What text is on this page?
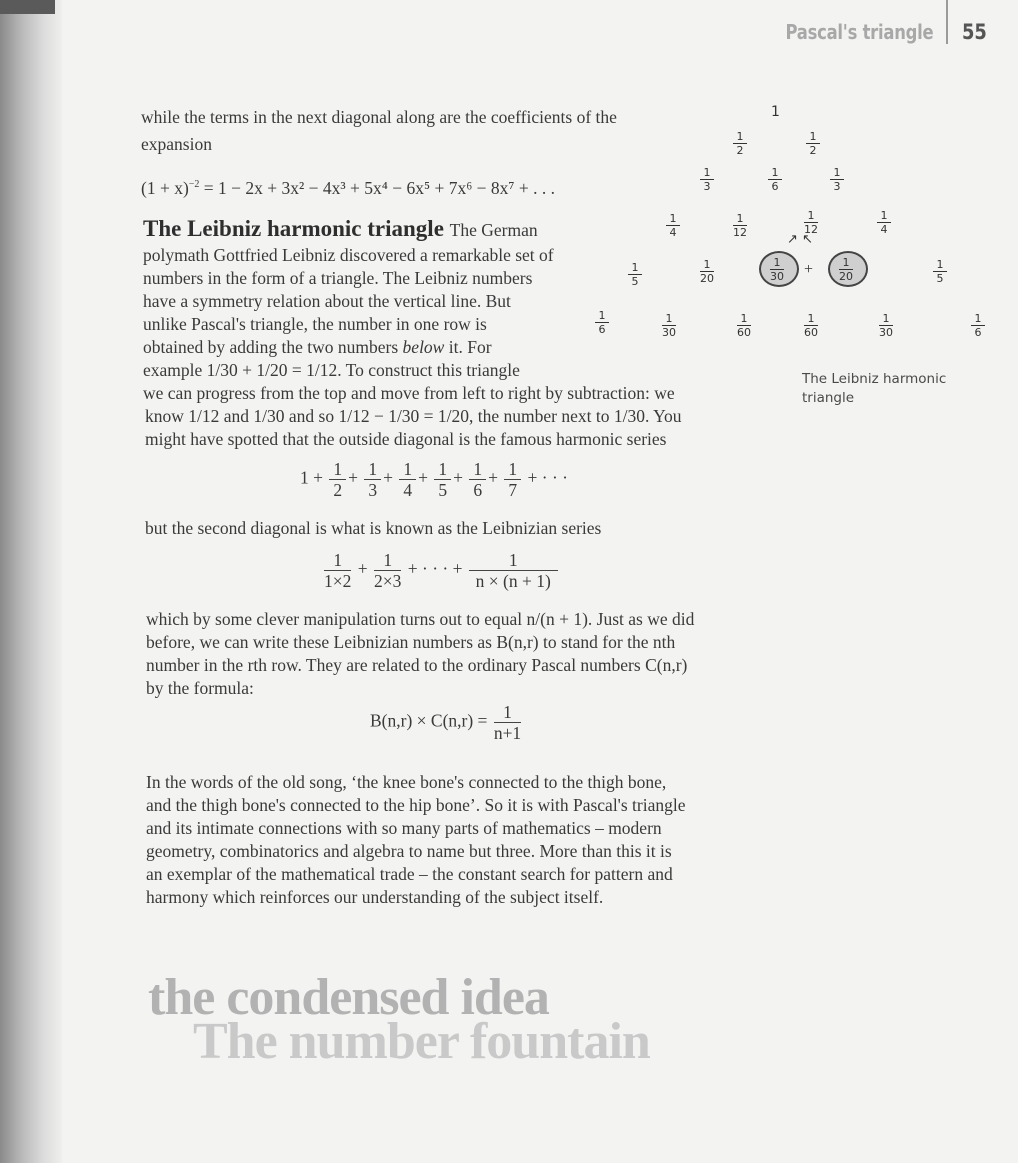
Pascal's triangle 55
while the terms in the next diagonal along are the coefficients of the
expansion
$(1 + x)^{-2} = 1 - 2x + 3x^2 - 4x^3 + 5x^4 - 6x^5 + 7x^6 - 8x^7$ + . . .
The Leibniz harmonic triangle The German
polymath Gottfried Leibniz discovered a remarkable set of
numbers in the form of a triangle. The Leibniz numbers
have a symmetry relation about the vertical line. But
unlike Pascal's triangle, the number in one row is
obtained by adding the two numbers below it. For
example 1/30 + 1/20 = 1/12. To construct this triangle
we can progress from the top and move from left to right by subtraction: we
know 1/12 and 1/30 and so 1/12 − 1/30 = 1/20, the number next to 1/30. You
might have spotted that the outside diagonal is the famous harmonic series
$1 + \frac{1}{2} + \frac{1}{3} + \frac{1}{4} + \frac{1}{5} + \frac{1}{6} + \frac{1}{7}$ + · · ·
but the second diagonal is what is known as the Leibnizian series
$\frac{1}{1\times 2} + \frac{1}{2\times 3}$ + · · · + $\frac{1}{n \times (n + 1)}$
which by some clever manipulation turns out to equal n/(n + 1). Just as we did
before, we can write these Leibnizian numbers as B(n,r) to stand for the nth
number in the rth row. They are related to the ordinary Pascal numbers C(n,r)
by the formula:
$B(n,r) \times C(n,r) = \frac{1}{n+1}$
In the words of the old song, ‘the knee bone's connected to the thigh bone,
and the thigh bone's connected to the hip bone’. So it is with Pascal's triangle
and its intimate connections with so many parts of mathematics – modern
geometry, combinatorics and algebra to name but three. More than this it is
an exemplar of the mathematical trade – the constant search for pattern and
harmony which reinforces our understanding of the subject itself.
1
1
2
1
2
1
3
1
6
1
3
1
4
1
12
1
12
1
4
↗ ↖
1
5
1
20
1
30	+	1
20
1
5
1
6
1
30
1
60
1
60
1
30
1
6
The Leibniz harmonic triangle
the condensed idea
The number fountain
